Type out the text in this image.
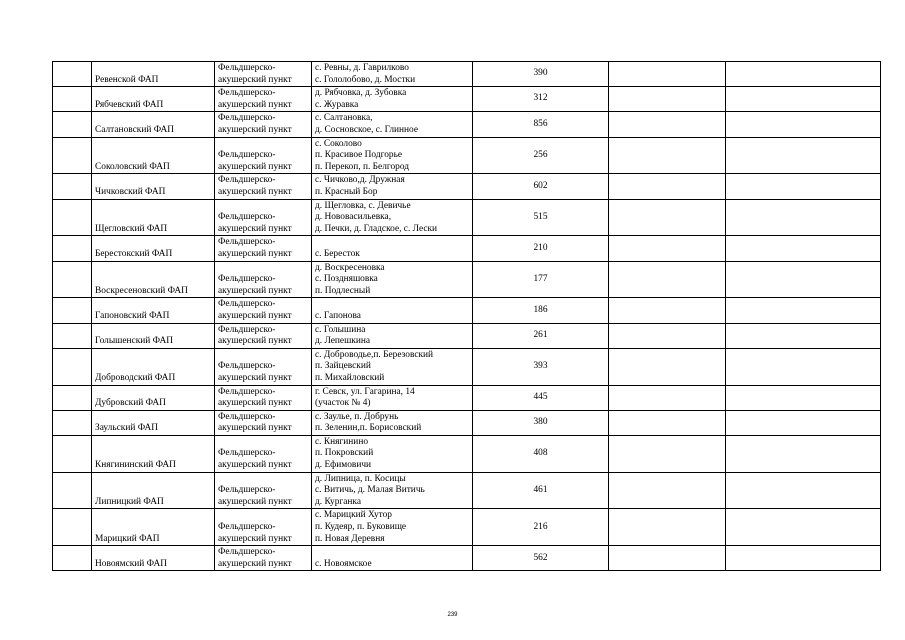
	Ревенской ФАП	Фельдшерско-
акушерский пункт	с. Ревны, д. Гаврилково
с. Гололобово, д. Мостки	390		
	Рябчевский ФАП	Фельдшерско-
акушерский пункт	д. Рябчовка, д. Зубовка
с. Журавка	312		
	Салтановский ФАП	Фельдшерско-
акушерский пункт	с. Салтановка,
д. Сосновское, с. Глинное	856		
	Соколовский ФАП	Фельдшерско-
акушерский пункт	с. Соколово
п. Красивое Подгорье
п. Перекоп, п. Белгород	256		
	Чичковский ФАП	Фельдшерско-
акушерский пункт	с. Чичково,д. Дружная
п. Красный Бор	602		
	Щегловский ФАП	Фельдшерско-
акушерский пункт	д. Щегловка, с. Девичье
д. Нововасильевка,
д. Печки, д. Гладское, с. Лески	515		
	Берестокский ФАП	Фельдшерско-
акушерский пункт	с. Бересток	210		
	Воскресеновский ФАП	Фельдшерско-
акушерский пункт	д. Воскресеновка
с. Поздняшовка
п. Подлесный	177		
	Гапоновский ФАП	Фельдшерско-
акушерский пункт	с. Гапонова	186		
	Голышенский ФАП	Фельдшерско-
акушерский пункт	с. Голышина
д. Лепешкина	261		
	Доброводский ФАП	Фельдшерско-
акушерский пункт	с. Доброводье,п. Березовский
п. Зайцевский
п. Михайловский	393		
	Дубровский ФАП	Фельдшерско-
акушерский пункт	г. Севск, ул. Гагарина, 14
(участок № 4)	445		
	Заульский ФАП	Фельдшерско-
акушерский пункт	с. Заулье, п. Добрунь
п. Зеленин,п. Борисовский	380		
	Княгининский ФАП	Фельдшерско-
акушерский пункт	с. Княгинино
п. Покровский
д. Ефимовичи	408		
	Липницкий ФАП	Фельдшерско-
акушерский пункт	д. Липница, п. Косицы
с. Витичь, д. Малая Витичь
д. Курганка	461		
	Марицкий ФАП	Фельдшерско-
акушерский пункт	с. Марицкий Хутор
п. Кудеяр, п. Буковище
п. Новая Деревня	216		
	Новоямский ФАП	Фельдшерско-
акушерский пункт	с. Новоямское	562		
239
